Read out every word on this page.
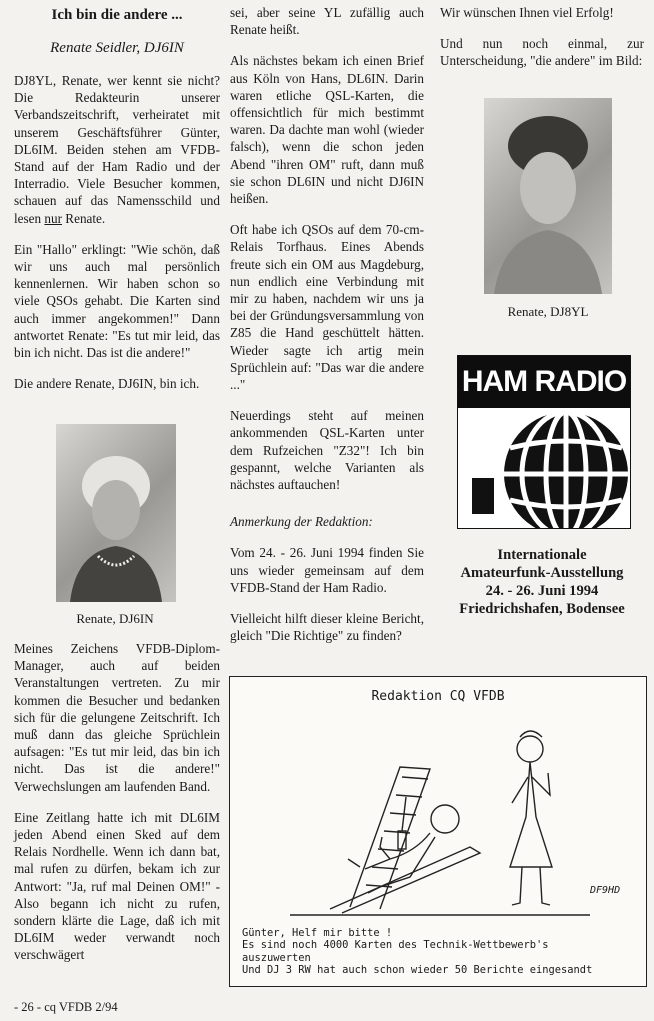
Ich bin die andere ...

Renate Seidler, DJ6IN

DJ8YL, Renate, wer kennt sie nicht? Die Redakteurin unserer Verbandszeitschrift, verheiratet mit unserem Geschäftsführer Günter, DL6IM. Beiden stehen am VFDB-Stand auf der Ham Radio und der Interradio. Viele Besucher kommen, schauen auf das Namensschild und lesen nur Renate.

Ein "Hallo" erklingt: "Wie schön, daß wir uns auch mal persönlich kennenlernen. Wir haben schon so viele QSOs gehabt. Die Karten sind auch immer angekommen!" Dann antwortet Renate: "Es tut mir leid, das bin ich nicht. Das ist die andere!"

Die andere Renate, DJ6IN, bin ich.

Renate, DJ6IN

Meines Zeichens VFDB-Diplom-Manager, auch auf beiden Veranstaltungen vertreten. Zu mir kommen die Besucher und bedanken sich für die gelungene Zeitschrift. Ich muß dann das gleiche Sprüchlein aufsagen: "Es tut mir leid, das bin ich nicht. Das ist die andere!" Verwechslungen am laufenden Band.

Eine Zeitlang hatte ich mit DL6IM jeden Abend einen Sked auf dem Relais Nordhelle. Wenn ich dann bat, mal rufen zu dürfen, bekam ich zur Antwort: "Ja, ruf mal Deinen OM!" - Also begann ich nicht zu rufen, sondern klärte die Lage, daß ich mit DL6IM weder verwandt noch verschwägert

sei, aber seine YL zufällig auch Renate heißt.

Als nächstes bekam ich einen Brief aus Köln von Hans, DL6IN. Darin waren etliche QSL-Karten, die offensichtlich für mich bestimmt waren. Da dachte man wohl (wieder falsch), wenn die schon jeden Abend "ihren OM" ruft, dann muß sie schon DL6IN und nicht DJ6IN heißen.

Oft habe ich QSOs auf dem 70-cm-Relais Torfhaus. Eines Abends freute sich ein OM aus Magdeburg, nun endlich eine Verbindung mit mir zu haben, nachdem wir uns ja bei der Gründungsversammlung von Z85 die Hand geschüttelt hätten. Wieder sagte ich artig mein Sprüchlein auf: "Das war die andere ..."

Neuerdings steht auf meinen ankommenden QSL-Karten unter dem Rufzeichen "Z32"! Ich bin gespannt, welche Varianten als nächstes auftauchen!

Anmerkung der Redaktion:

Vom 24. - 26. Juni 1994 finden Sie uns wieder gemeinsam auf dem VFDB-Stand der Ham Radio.

Vielleicht hilft dieser kleine Bericht, gleich "Die Richtige" zu finden?

Wir wünschen Ihnen viel Erfolg!

Und nun noch einmal, zur Unterscheidung, "die andere" im Bild:

Renate, DJ8YL
HAM RADIO
Internationale
Amateurfunk-Ausstellung
24. - 26. Juni 1994
Friedrichshafen, Bodensee
Redaktion CQ VFDB
DF9HD
Günter, Helf mir bitte !
Es sind noch 4000 Karten des Technik-Wettbewerb's
auszuwerten
Und DJ 3 RW hat auch schon wieder 50 Berichte eingesandt
- 26 - cq VFDB 2/94
